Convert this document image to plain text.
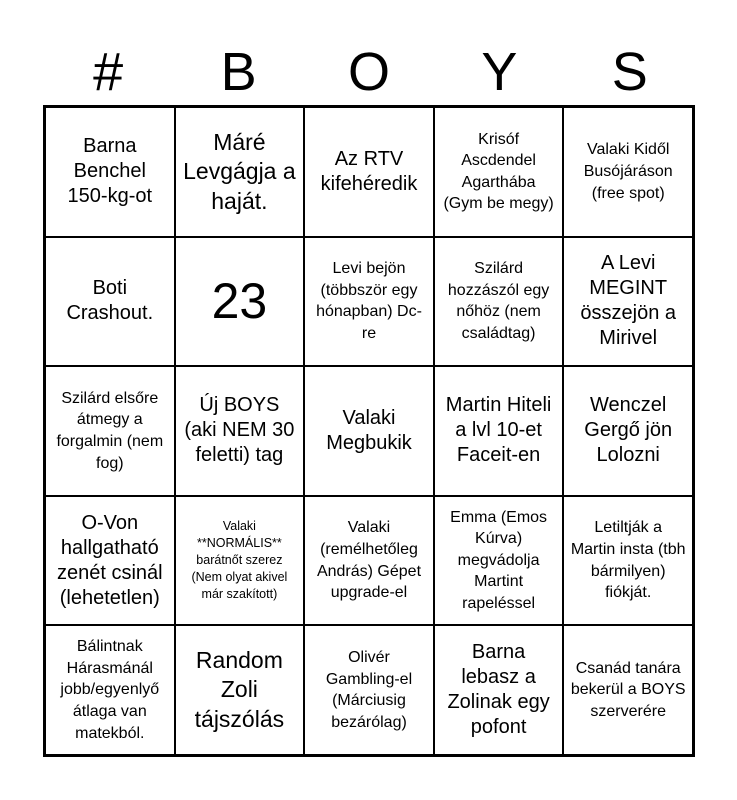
#	B	O	Y	S
Barna Benchel 150-kg-ot
Máré Levgágja a haját.
Az RTV kifehéredik
Krisóf Ascdendel Agarthába (Gym be megy)
Valaki Kidől Busójáráson (free spot)
Boti Crashout.	23
Levi bejön (többször egy hónapban) Dc-re
Szilárd hozzászól egy nőhöz (nem családtag)
A Levi MEGINT összejön a Mirivel
Szilárd elsőre átmegy a forgalmin (nem fog)
Új BOYS (aki NEM 30 feletti) tag
Valaki Megbukik
Martin Hiteli a lvl 10-et Faceit-en
Wenczel Gergő jön Lolozni
O-Von hallgatható zenét csinál (lehetetlen)
Valaki **NORMÁLIS** barátnőt szerez (Nem olyat akivel már szakított)
Valaki (remélhetőleg András) Gépet upgrade-el
Emma (Emos Kúrva) megvádolja Martint rapeléssel
Letiltják a Martin insta (tbh bármilyen) fiókját.
Bálintnak Hárasmánál jobb/egyenlyő átlaga van matekból.
Random Zoli tájszólás
Olivér Gambling-el (Márciusig bezárólag)
Barna lebasz a Zolinak egy pofont
Csanád tanára bekerül a BOYS szerverére
